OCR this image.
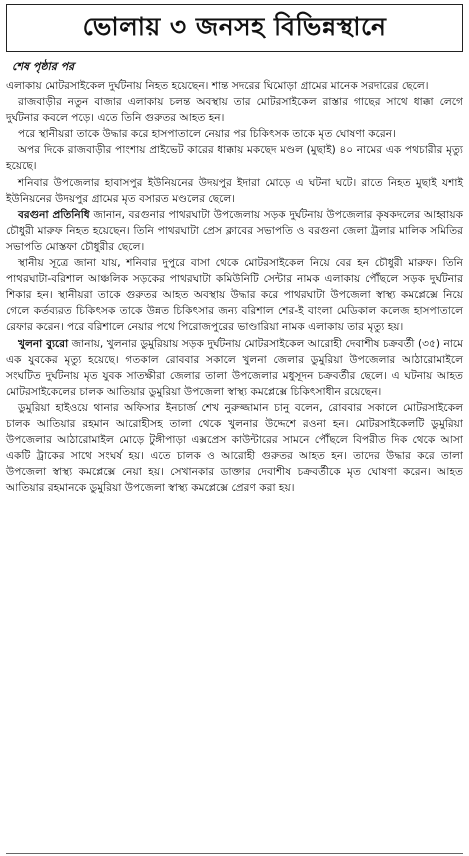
ভোলায় ৩ জনসহ বিভিন্নস্থানে
শেষ পৃষ্ঠার পর

এলাকায় মোটরসাইকেল দুর্ঘটনায় নিহত হয়েছেন। শান্ত সদরের ঘিমোড়া গ্রামের মানেক সরদারের ছেলে।

রাজবাড়ীর নতুন বাজার এলাকায় চলন্ত অবস্থায় তার মোটরসাইকেল রাস্তার গাছের সাথে ধাক্কা লেগে দুর্ঘটনার কবলে পড়ে। এতে তিনি গুরুতর আহত হন।

পরে স্থানীয়রা তাকে উদ্ধার করে হাসপাতালে নেয়ার পর চিকিৎসক তাকে মৃত ঘোষণা করেন।

অপর দিকে রাজবাড়ীর পাংশায় প্রাইভেট কারের ধাক্কায় মকছেদ মণ্ডল (মুছাই) ৪০ নামের এক পথচারীর মৃত্যু হয়েছে।

শনিবার উপজেলার হাবাসপুর ইউনিয়নের উদয়পুর ইদারা মোড়ে এ ঘটনা ঘটে। রাতে নিহত মুছাই যশাই ইউনিয়নের উদয়পুর গ্রামের মৃত বসারত মণ্ডলের ছেলে।

বরগুনা প্রতিনিধি জানান, বরগুনার পাথরঘাটা উপজেলায় সড়ক দুর্ঘটনায় উপজেলার কৃষকদলের আহ্বায়ক চৌধুরী মারুফ নিহত হয়েছেন। তিনি পাথরঘাটা প্রেস ক্লাবের সভাপতি ও বরগুনা জেলা ট্রলার মালিক সমিতির সভাপতি মোস্তফা চৌধুরীর ছেলে।

স্থানীয় সূত্রে জানা যায়, শনিবার দুপুরে বাসা থেকে মোটরসাইকেল নিয়ে বের হন চৌধুরী মারুফ। তিনি পাথরঘাটা-বরিশাল আঞ্চলিক সড়কের পাথরঘাটা কমিউনিটি সেন্টার নামক এলাকায় পৌঁছলে সড়ক দুর্ঘটনার শিকার হন। স্থানীয়রা তাকে গুরুতর আহত অবস্থায় উদ্ধার করে পাথরঘাটা উপজেলা স্বাস্থ্য কমপ্লেক্সে নিয়ে গেলে কর্তব্যরত চিকিৎসক তাকে উন্নত চিকিৎসার জন্য বরিশাল শের-ই বাংলা মেডিকাল কলেজ হাসপাতালে রেফার করেন। পরে বরিশালে নেয়ার পথে পিরোজপুরের ভাণ্ডারিয়া নামক এলাকায় তার মৃত্যু হয়।

খুলনা ব্যুরো জানায়, খুলনার ডুমুরিয়ায় সড়ক দুর্ঘটনায় মোটরসাইকেল আরোহী দেবাশীষ চক্রবর্তী (৩৫) নামে এক যুবকের মৃত্যু হয়েছে। গতকাল রোববার সকালে খুলনা জেলার ডুমুরিয়া উপজেলার আঠারোমাইলে সংঘটিত দুর্ঘটনায় মৃত যুবক সাতক্ষীরা জেলার তালা উপজেলার মধুসূদন চক্রবর্তীর ছেলে। এ ঘটনায় আহত মোটরসাইকেলের চালক আতিয়ার ডুমুরিয়া উপজেলা স্বাস্থ্য কমপ্লেক্সে চিকিৎসাধীন রয়েছেন।

ডুমুরিয়া হাইওয়ে থানার অফিসার ইনচার্জ শেখ নুরুজ্জামান চানু বলেন, রোববার সকালে মোটরসাইকেল চালক আতিয়ার রহমান আরোহীসহ তালা থেকে খুলনার উদ্দেশে রওনা হন। মোটরসাইকেলটি ডুমুরিয়া উপজেলার আঠারোমাইল মোড়ে টুঙ্গীপাড়া এক্সপ্রেস কাউন্টারের সামনে পৌঁছলে বিপরীত দিক থেকে আসা একটি ট্রাকের সাথে সংঘর্ষ হয়। এতে চালক ও আরোহী গুরুতর আহত হন। তাদের উদ্ধার করে তালা উপজেলা স্বাস্থ্য কমপ্লেক্সে নেয়া হয়। সেখানকার ডাক্তার দেবাশীষ চক্রবর্তীকে মৃত ঘোষণা করেন। আহত আতিয়ার রহমানকে ডুমুরিয়া উপজেলা স্বাস্থ্য কমপ্লেক্সে প্রেরণ করা হয়।
